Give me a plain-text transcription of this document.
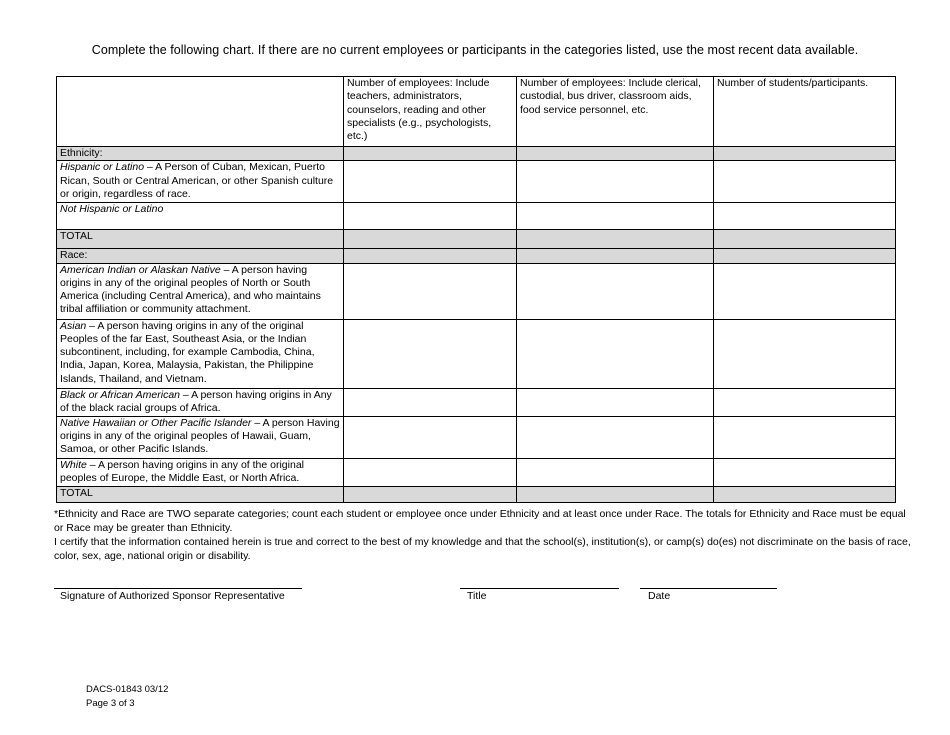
Complete the following chart. If there are no current employees or participants in the categories listed, use the most recent data available.
	Number of employees: Include teachers, administrators, counselors, reading and other specialists (e.g., psychologists, etc.)	Number of employees: Include clerical, custodial, bus driver, classroom aids, food service personnel, etc.	Number of students/participants.
Ethnicity:			
Hispanic or Latino – A Person of Cuban, Mexican, Puerto Rican, South or Central American, or other Spanish culture or origin, regardless of race.			
Not Hispanic or Latino			
TOTAL			
Race:			
American Indian or Alaskan Native – A person having origins in any of the original peoples of North or South America (including Central America), and who maintains tribal affiliation or community attachment.			
Asian – A person having origins in any of the original Peoples of the far East, Southeast Asia, or the Indian subcontinent, including, for example Cambodia, China, India, Japan, Korea, Malaysia, Pakistan, the Philippine Islands, Thailand, and Vietnam.			
Black or African American – A person having origins in Any of the black racial groups of Africa.			
Native Hawaiian or Other Pacific Islander – A person Having origins in any of the original peoples of Hawaii, Guam, Samoa, or other Pacific Islands.			
White – A person having origins in any of the original peoples of Europe, the Middle East, or North Africa.			
TOTAL			

*Ethnicity and Race are TWO separate categories; count each student or employee once under Ethnicity and at least once under Race. The totals for Ethnicity and Race must be equal or Race may be greater than Ethnicity.

I certify that the information contained herein is true and correct to the best of my knowledge and that the school(s), institution(s), or camp(s) do(es) not discriminate on the basis of race, color, sex, age, national origin or disability.

Signature of Authorized Sponsor Representative	Title	Date
DACS-01843 03/12
Page 3 of 3
